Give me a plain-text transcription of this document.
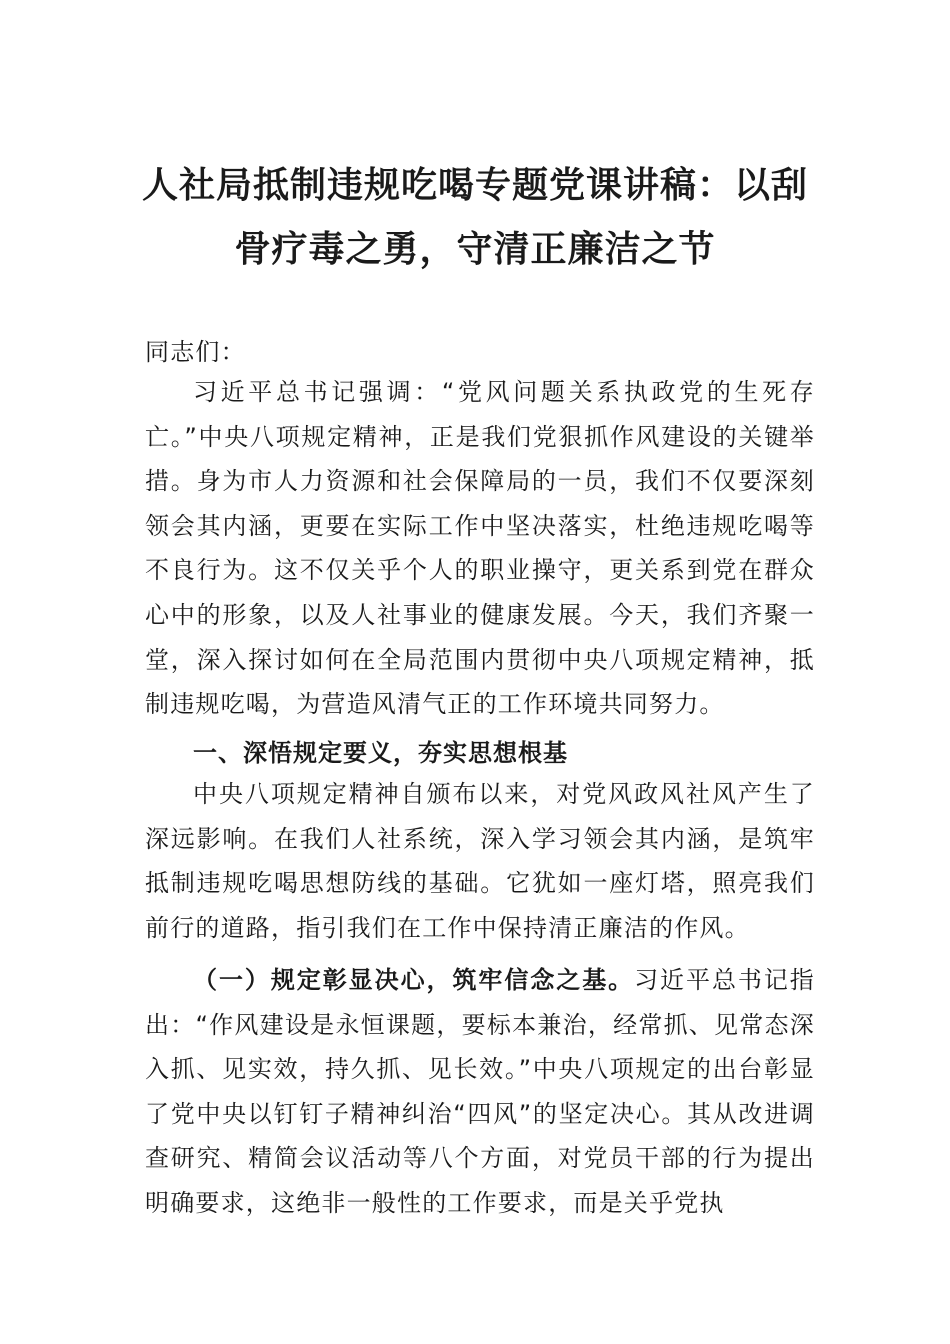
人社局抵制违规吃喝专题党课讲稿：以刮
骨疗毒之勇，守清正廉洁之节

同志们：

习近平总书记强调：“党风问题关系执政党的生死存亡。”中央八项规定精神，正是我们党狠抓作风建设的关键举措。身为市人力资源和社会保障局的一员，我们不仅要深刻领会其内涵，更要在实际工作中坚决落实，杜绝违规吃喝等不良行为。这不仅关乎个人的职业操守，更关系到党在群众心中的形象，以及人社事业的健康发展。今天，我们齐聚一堂，深入探讨如何在全局范围内贯彻中央八项规定精神，抵制违规吃喝，为营造风清气正的工作环境共同努力。

一、深悟规定要义，夯实思想根基

中央八项规定精神自颁布以来，对党风政风社风产生了深远影响。在我们人社系统，深入学习领会其内涵，是筑牢抵制违规吃喝思想防线的基础。它犹如一座灯塔，照亮我们前行的道路，指引我们在工作中保持清正廉洁的作风。

（一）规定彰显决心，筑牢信念之基。习近平总书记指出：“作风建设是永恒课题，要标本兼治，经常抓、见常态深入抓、见实效，持久抓、见长效。”中央八项规定的出台彰显了党中央以钉钉子精神纠治“四风”的坚定决心。其从改进调查研究、精简会议活动等八个方面，对党员干部的行为提出明确要求，这绝非一般性的工作要求，而是关乎党执
